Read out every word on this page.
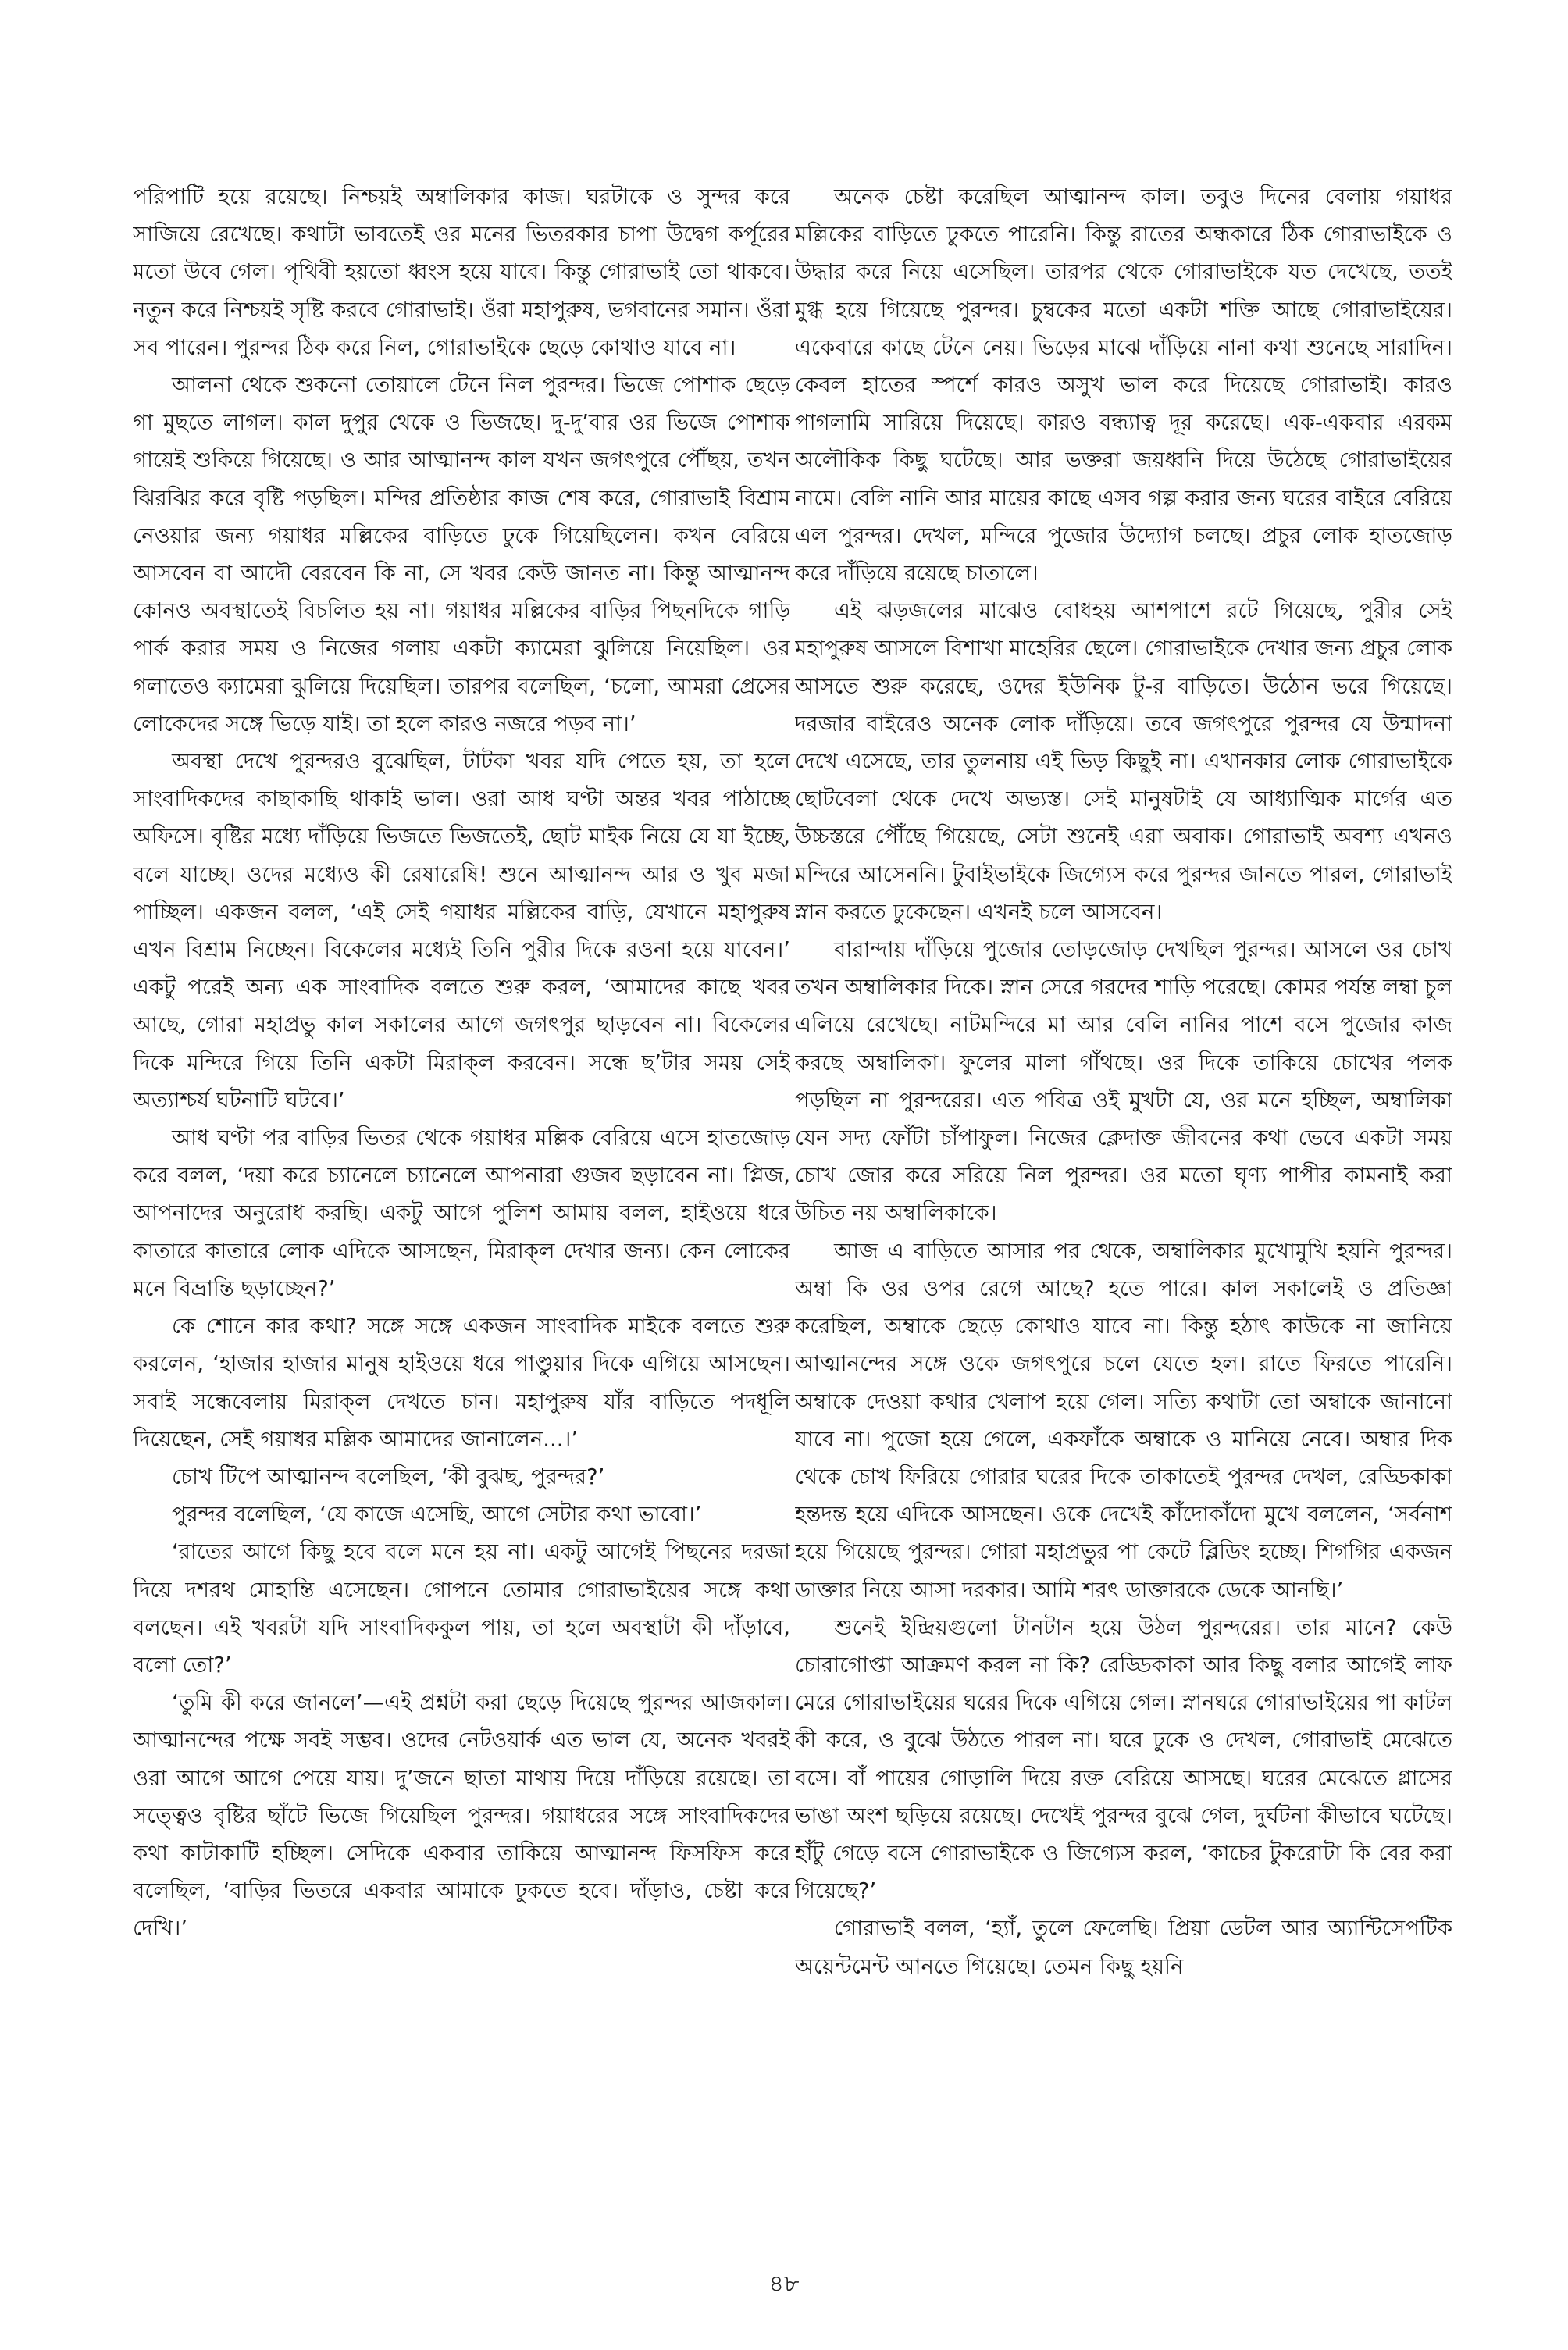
পরিপাটি হয়ে রয়েছে। নিশ্চয়ই অম্বালিকার কাজ। ঘরটাকে ও সুন্দর করে সাজিয়ে রেখেছে। কথাটা ভাবতেই ওর মনের ভিতরকার চাপা উদ্বেগ কর্পূরের মতো উবে গেল। পৃথিবী হয়তো ধ্বংস হয়ে যাবে। কিন্তু গোরাভাই তো থাকবে। নতুন করে নিশ্চয়ই সৃষ্টি করবে গোরাভাই। ওঁরা মহাপুরুষ, ভগবানের সমান। ওঁরা সব পারেন। পুরন্দর ঠিক করে নিল, গোরাভাইকে ছেড়ে কোথাও যাবে না।

আলনা থেকে শুকনো তোয়ালে টেনে নিল পুরন্দর। ভিজে পোশাক ছেড়ে গা মুছতে লাগল। কাল দুপুর থেকে ও ভিজছে। দু-দু’বার ওর ভিজে পোশাক গায়েই শুকিয়ে গিয়েছে। ও আর আত্মানন্দ কাল যখন জগৎপুরে পৌঁছয়, তখন ঝিরঝির করে বৃষ্টি পড়ছিল। মন্দির প্রতিষ্ঠার কাজ শেষ করে, গোরাভাই বিশ্রাম নেওয়ার জন্য গয়াধর মল্লিকের বাড়িতে ঢুকে গিয়েছিলেন। কখন বেরিয়ে আসবেন বা আদৌ বেরবেন কি না, সে খবর কেউ জানত না। কিন্তু আত্মানন্দ কোনও অবস্থাতেই বিচলিত হয় না। গয়াধর মল্লিকের বাড়ির পিছনদিকে গাড়ি পার্ক করার সময় ও নিজের গলায় একটা ক্যামেরা ঝুলিয়ে নিয়েছিল। ওর গলাতেও ক্যামেরা ঝুলিয়ে দিয়েছিল। তারপর বলেছিল, ‘চলো, আমরা প্রেসের লোকেদের সঙ্গে ভিড়ে যাই। তা হলে কারও নজরে পড়ব না।’

অবস্থা দেখে পুরন্দরও বুঝেছিল, টাটকা খবর যদি পেতে হয়, তা হলে সাংবাদিকদের কাছাকাছি থাকাই ভাল। ওরা আধ ঘণ্টা অন্তর খবর পাঠাচ্ছে অফিসে। বৃষ্টির মধ্যে দাঁড়িয়ে ভিজতে ভিজতেই, ছোট মাইক নিয়ে যে যা ইচ্ছে, বলে যাচ্ছে। ওদের মধ্যেও কী রেষারেষি! শুনে আত্মানন্দ আর ও খুব মজা পাচ্ছিল। একজন বলল, ‘এই সেই গয়াধর মল্লিকের বাড়ি, যেখানে মহাপুরুষ এখন বিশ্রাম নিচ্ছেন। বিকেলের মধ্যেই তিনি পুরীর দিকে রওনা হয়ে যাবেন।’ একটু পরেই অন্য এক সাংবাদিক বলতে শুরু করল, ‘আমাদের কাছে খবর আছে, গোরা মহাপ্রভু কাল সকালের আগে জগৎপুর ছাড়বেন না। বিকেলের দিকে মন্দিরে গিয়ে তিনি একটা মিরাক্‌ল করবেন। সন্ধে ছ’টার সময় সেই অত্যাশ্চর্য ঘটনাটি ঘটবে।’

আধ ঘণ্টা পর বাড়ির ভিতর থেকে গয়াধর মল্লিক বেরিয়ে এসে হাতজোড় করে বলল, ‘দয়া করে চ্যানেলে চ্যানেলে আপনারা গুজব ছড়াবেন না। প্লিজ, আপনাদের অনুরোধ করছি। একটু আগে পুলিশ আমায় বলল, হাইওয়ে ধরে কাতারে কাতারে লোক এদিকে আসছেন, মিরাক্‌ল দেখার জন্য। কেন লোকের মনে বিভ্রান্তি ছড়াচ্ছেন?’

কে শোনে কার কথা? সঙ্গে সঙ্গে একজন সাংবাদিক মাইকে বলতে শুরু করলেন, ‘হাজার হাজার মানুষ হাইওয়ে ধরে পাণ্ডুয়ার দিকে এগিয়ে আসছেন। সবাই সন্ধেবেলায় মিরাক্‌ল দেখতে চান। মহাপুরুষ যাঁর বাড়িতে পদধূলি দিয়েছেন, সেই গয়াধর মল্লিক আমাদের জানালেন...।’

চোখ টিপে আত্মানন্দ বলেছিল, ‘কী বুঝছ, পুরন্দর?’

পুরন্দর বলেছিল, ‘যে কাজে এসেছি, আগে সেটার কথা ভাবো।’

‘রাতের আগে কিছু হবে বলে মনে হয় না। একটু আগেই পিছনের দরজা দিয়ে দশরথ মোহান্তি এসেছেন। গোপনে তোমার গোরাভাইয়ের সঙ্গে কথা বলছেন। এই খবরটা যদি সাংবাদিককুল পায়, তা হলে অবস্থাটা কী দাঁড়াবে, বলো তো?’

‘তুমি কী করে জানলে’—এই প্রশ্নটা করা ছেড়ে দিয়েছে পুরন্দর আজকাল। আত্মানন্দের পক্ষে সবই সম্ভব। ওদের নেটওয়ার্ক এত ভাল যে, অনেক খবরই ওরা আগে আগে পেয়ে যায়। দু’জনে ছাতা মাথায় দিয়ে দাঁড়িয়ে রয়েছে। তা সত্ত্বেও বৃষ্টির ছাঁটে ভিজে গিয়েছিল পুরন্দর। গয়াধরের সঙ্গে সাংবাদিকদের কথা কাটাকাটি হচ্ছিল। সেদিকে একবার তাকিয়ে আত্মানন্দ ফিসফিস করে বলেছিল, ‘বাড়ির ভিতরে একবার আমাকে ঢুকতে হবে। দাঁড়াও, চেষ্টা করে দেখি।’

অনেক চেষ্টা করেছিল আত্মানন্দ কাল। তবুও দিনের বেলায় গয়াধর মল্লিকের বাড়িতে ঢুকতে পারেনি। কিন্তু রাতের অন্ধকারে ঠিক গোরাভাইকে ও উদ্ধার করে নিয়ে এসেছিল। তারপর থেকে গোরাভাইকে যত দেখেছে, ততই মুগ্ধ হয়ে গিয়েছে পুরন্দর। চুম্বকের মতো একটা শক্তি আছে গোরাভাইয়ের। একেবারে কাছে টেনে নেয়। ভিড়ের মাঝে দাঁড়িয়ে নানা কথা শুনেছে সারাদিন। কেবল হাতের স্পর্শে কারও অসুখ ভাল করে দিয়েছে গোরাভাই। কারও পাগলামি সারিয়ে দিয়েছে। কারও বন্ধ্যাত্ব দূর করেছে। এক-একবার এরকম অলৌকিক কিছু ঘটেছে। আর ভক্তরা জয়ধ্বনি দিয়ে উঠেছে গোরাভাইয়ের নামে। বেলি নানি আর মায়ের কাছে এসব গল্প করার জন্য ঘরের বাইরে বেরিয়ে এল পুরন্দর। দেখল, মন্দিরে পুজোর উদ্যোগ চলছে। প্রচুর লোক হাতজোড় করে দাঁড়িয়ে রয়েছে চাতালে।

এই ঝড়জলের মাঝেও বোধহয় আশপাশে রটে গিয়েছে, পুরীর সেই মহাপুরুষ আসলে বিশাখা মাহেরির ছেলে। গোরাভাইকে দেখার জন্য প্রচুর লোক আসতে শুরু করেছে, ওদের ইউনিক টু-র বাড়িতে। উঠোন ভরে গিয়েছে। দরজার বাইরেও অনেক লোক দাঁড়িয়ে। তবে জগৎপুরে পুরন্দর যে উন্মাদনা দেখে এসেছে, তার তুলনায় এই ভিড় কিছুই না। এখানকার লোক গোরাভাইকে ছোটবেলা থেকে দেখে অভ্যস্ত। সেই মানুষটাই যে আধ্যাত্মিক মার্গের এত উচ্চস্তরে পৌঁছে গিয়েছে, সেটা শুনেই এরা অবাক। গোরাভাই অবশ্য এখনও মন্দিরে আসেননি। টুবাইভাইকে জিগ্যেস করে পুরন্দর জানতে পারল, গোরাভাই স্নান করতে ঢুকেছেন। এখনই চলে আসবেন।

বারান্দায় দাঁড়িয়ে পুজোর তোড়জোড় দেখছিল পুরন্দর। আসলে ওর চোখ তখন অম্বালিকার দিকে। স্নান সেরে গরদের শাড়ি পরেছে। কোমর পর্যন্ত লম্বা চুল এলিয়ে রেখেছে। নাটমন্দিরে মা আর বেলি নানির পাশে বসে পুজোর কাজ করছে অম্বালিকা। ফুলের মালা গাঁথছে। ওর দিকে তাকিয়ে চোখের পলক পড়ছিল না পুরন্দরের। এত পবিত্র ওই মুখটা যে, ওর মনে হচ্ছিল, অম্বালিকা যেন সদ্য ফোঁটা চাঁপাফুল। নিজের ক্লেদাক্ত জীবনের কথা ভেবে একটা সময় চোখ জোর করে সরিয়ে নিল পুরন্দর। ওর মতো ঘৃণ্য পাপীর কামনাই করা উচিত নয় অম্বালিকাকে।

আজ এ বাড়িতে আসার পর থেকে, অম্বালিকার মুখোমুখি হয়নি পুরন্দর। অম্বা কি ওর ওপর রেগে আছে? হতে পারে। কাল সকালেই ও প্রতিজ্ঞা করেছিল, অম্বাকে ছেড়ে কোথাও যাবে না। কিন্তু হঠাৎ কাউকে না জানিয়ে আত্মানন্দের সঙ্গে ওকে জগৎপুরে চলে যেতে হল। রাতে ফিরতে পারেনি। অম্বাকে দেওয়া কথার খেলাপ হয়ে গেল। সত্যি কথাটা তো অম্বাকে জানানো যাবে না। পুজো হয়ে গেলে, একফাঁকে অম্বাকে ও মানিয়ে নেবে। অম্বার দিক থেকে চোখ ফিরিয়ে গোরার ঘরের দিকে তাকাতেই পুরন্দর দেখল, রেড্ডিকাকা হন্তদন্ত হয়ে এদিকে আসছেন। ওকে দেখেই কাঁদোকাঁদো মুখে বললেন, ‘সর্বনাশ হয়ে গিয়েছে পুরন্দর। গোরা মহাপ্রভুর পা কেটে ব্লিডিং হচ্ছে। শিগগির একজন ডাক্তার নিয়ে আসা দরকার। আমি শরৎ ডাক্তারকে ডেকে আনছি।’

শুনেই ইন্দ্রিয়গুলো টানটান হয়ে উঠল পুরন্দরের। তার মানে? কেউ চোরাগোপ্তা আক্রমণ করল না কি? রেড্ডিকাকা আর কিছু বলার আগেই লাফ মেরে গোরাভাইয়ের ঘরের দিকে এগিয়ে গেল। স্নানঘরে গোরাভাইয়ের পা কাটল কী করে, ও বুঝে উঠতে পারল না। ঘরে ঢুকে ও দেখল, গোরাভাই মেঝেতে বসে। বাঁ পায়ের গোড়ালি দিয়ে রক্ত বেরিয়ে আসছে। ঘরের মেঝেতে গ্লাসের ভাঙা অংশ ছড়িয়ে রয়েছে। দেখেই পুরন্দর বুঝে গেল, দুর্ঘটনা কীভাবে ঘটেছে। হাঁটু গেড়ে বসে গোরাভাইকে ও জিগ্যেস করল, ‘কাচের টুকরোটা কি বের করা গিয়েছে?’

গোরাভাই বলল, ‘হ্যাঁ, তুলে ফেলেছি। প্রিয়া ডেটল আর অ্যান্টিসেপটিক অয়েন্টমেন্ট আনতে গিয়েছে। তেমন কিছু হয়নি

৪৮
